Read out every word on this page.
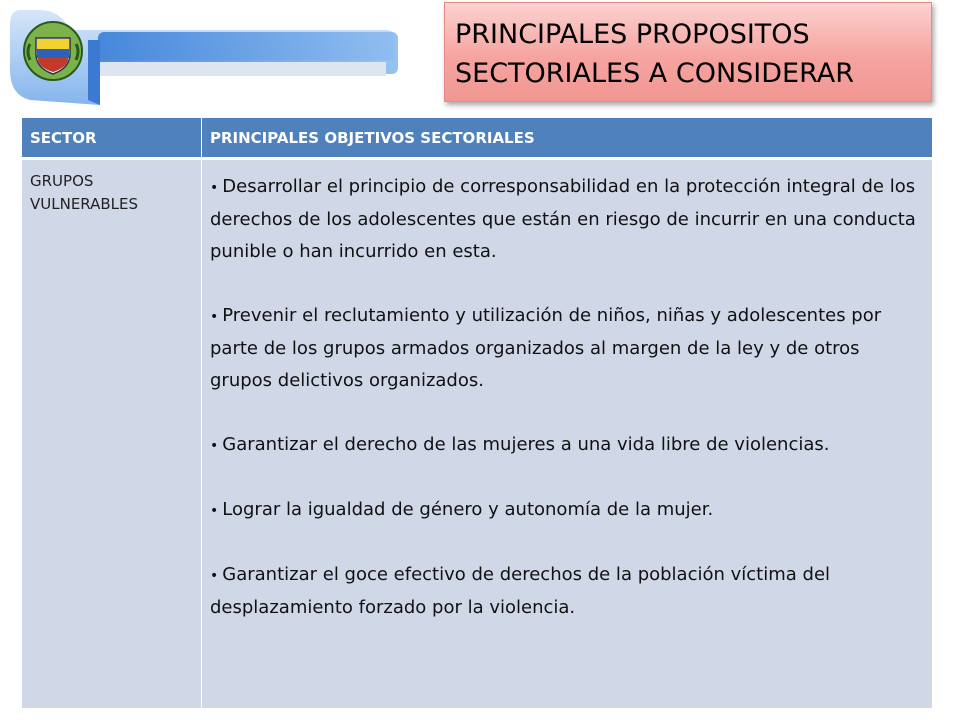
PRINCIPALES PROPOSITOS
SECTORIALES A CONSIDERAR
SECTOR	PRINCIPALES OBJETIVOS SECTORIALES
GRUPOS
VULNERABLES

• Desarrollar el principio de corresponsabilidad en la protección integral de los derechos de los adolescentes que están en riesgo de incurrir en una conducta punible o han incurrido en esta.

• Prevenir el reclutamiento y utilización de niños, niñas y adolescentes por parte de los grupos armados organizados al margen de la ley y de otros grupos delictivos organizados.

• Garantizar el derecho de las mujeres a una vida libre de violencias.

• Lograr la igualdad de género y autonomía de la mujer.

• Garantizar el goce efectivo de derechos de la población víctima del desplazamiento forzado por la violencia.
